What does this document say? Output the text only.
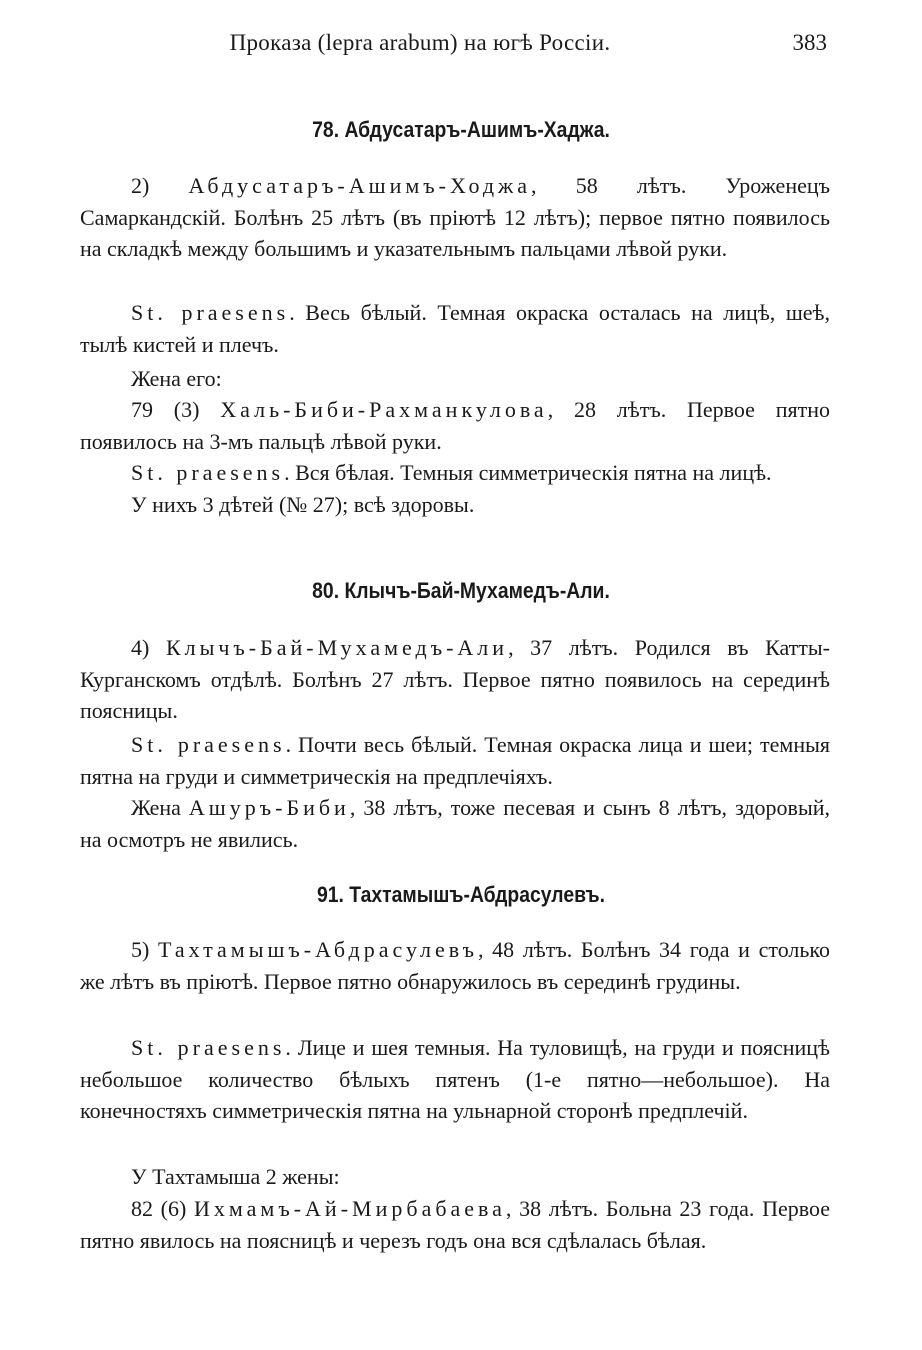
Проказа (lepra arabum) на югѣ Россіи.	383
78. Абдусатаръ-Ашимъ-Хаджа.

2) Абдусатаръ-Ашимъ-Ходжа, 58 лѣтъ. Уроженецъ Самаркандскій. Болѣнъ 25 лѣтъ (въ пріютѣ 12 лѣтъ); первое пятно появилось на складкѣ между большимъ и указательнымъ пальцами лѣвой руки.

St. praesens. Весь бѣлый. Темная окраска осталась на лицѣ, шеѣ, тылѣ кистей и плечъ.

Жена его:

79 (3) Халь-Биби-Рахманкулова, 28 лѣтъ. Первое пятно появилось на 3-мъ пальцѣ лѣвой руки.

St. praesens. Вся бѣлая. Темныя симметрическія пятна на лицѣ.

У нихъ 3 дѣтей (№ 27); всѣ здоровы.

80. Клычъ-Бай-Мухамедъ-Али.

4) Клычъ-Бай-Мухамедъ-Али, 37 лѣтъ. Родился въ Катты-Курганскомъ отдѣлѣ. Болѣнъ 27 лѣтъ. Первое пятно появилось на серединѣ поясницы.

St. praesens. Почти весь бѣлый. Темная окраска лица и шеи; темныя пятна на груди и симметрическія на предплечіяхъ.

Жена Ашуръ-Биби, 38 лѣтъ, тоже песевая и сынъ 8 лѣтъ, здоровый, на осмотръ не явились.

91. Тахтамышъ-Абдрасулевъ.

5) Тахтамышъ-Абдрасулевъ, 48 лѣтъ. Болѣнъ 34 года и столько же лѣтъ въ пріютѣ. Первое пятно обнаружилось въ серединѣ грудины.

St. praesens. Лице и шея темныя. На туловищѣ, на груди и поясницѣ небольшое количество бѣлыхъ пятенъ (1-е пятно—небольшое). На конечностяхъ симметрическія пятна на ульнарной сторонѣ предплечій.

У Тахтамыша 2 жены:

82 (6) Ихмамъ-Ай-Мирбабаева, 38 лѣтъ. Больна 23 года. Первое пятно явилось на поясницѣ и черезъ годъ она вся сдѣлалась бѣлая.
